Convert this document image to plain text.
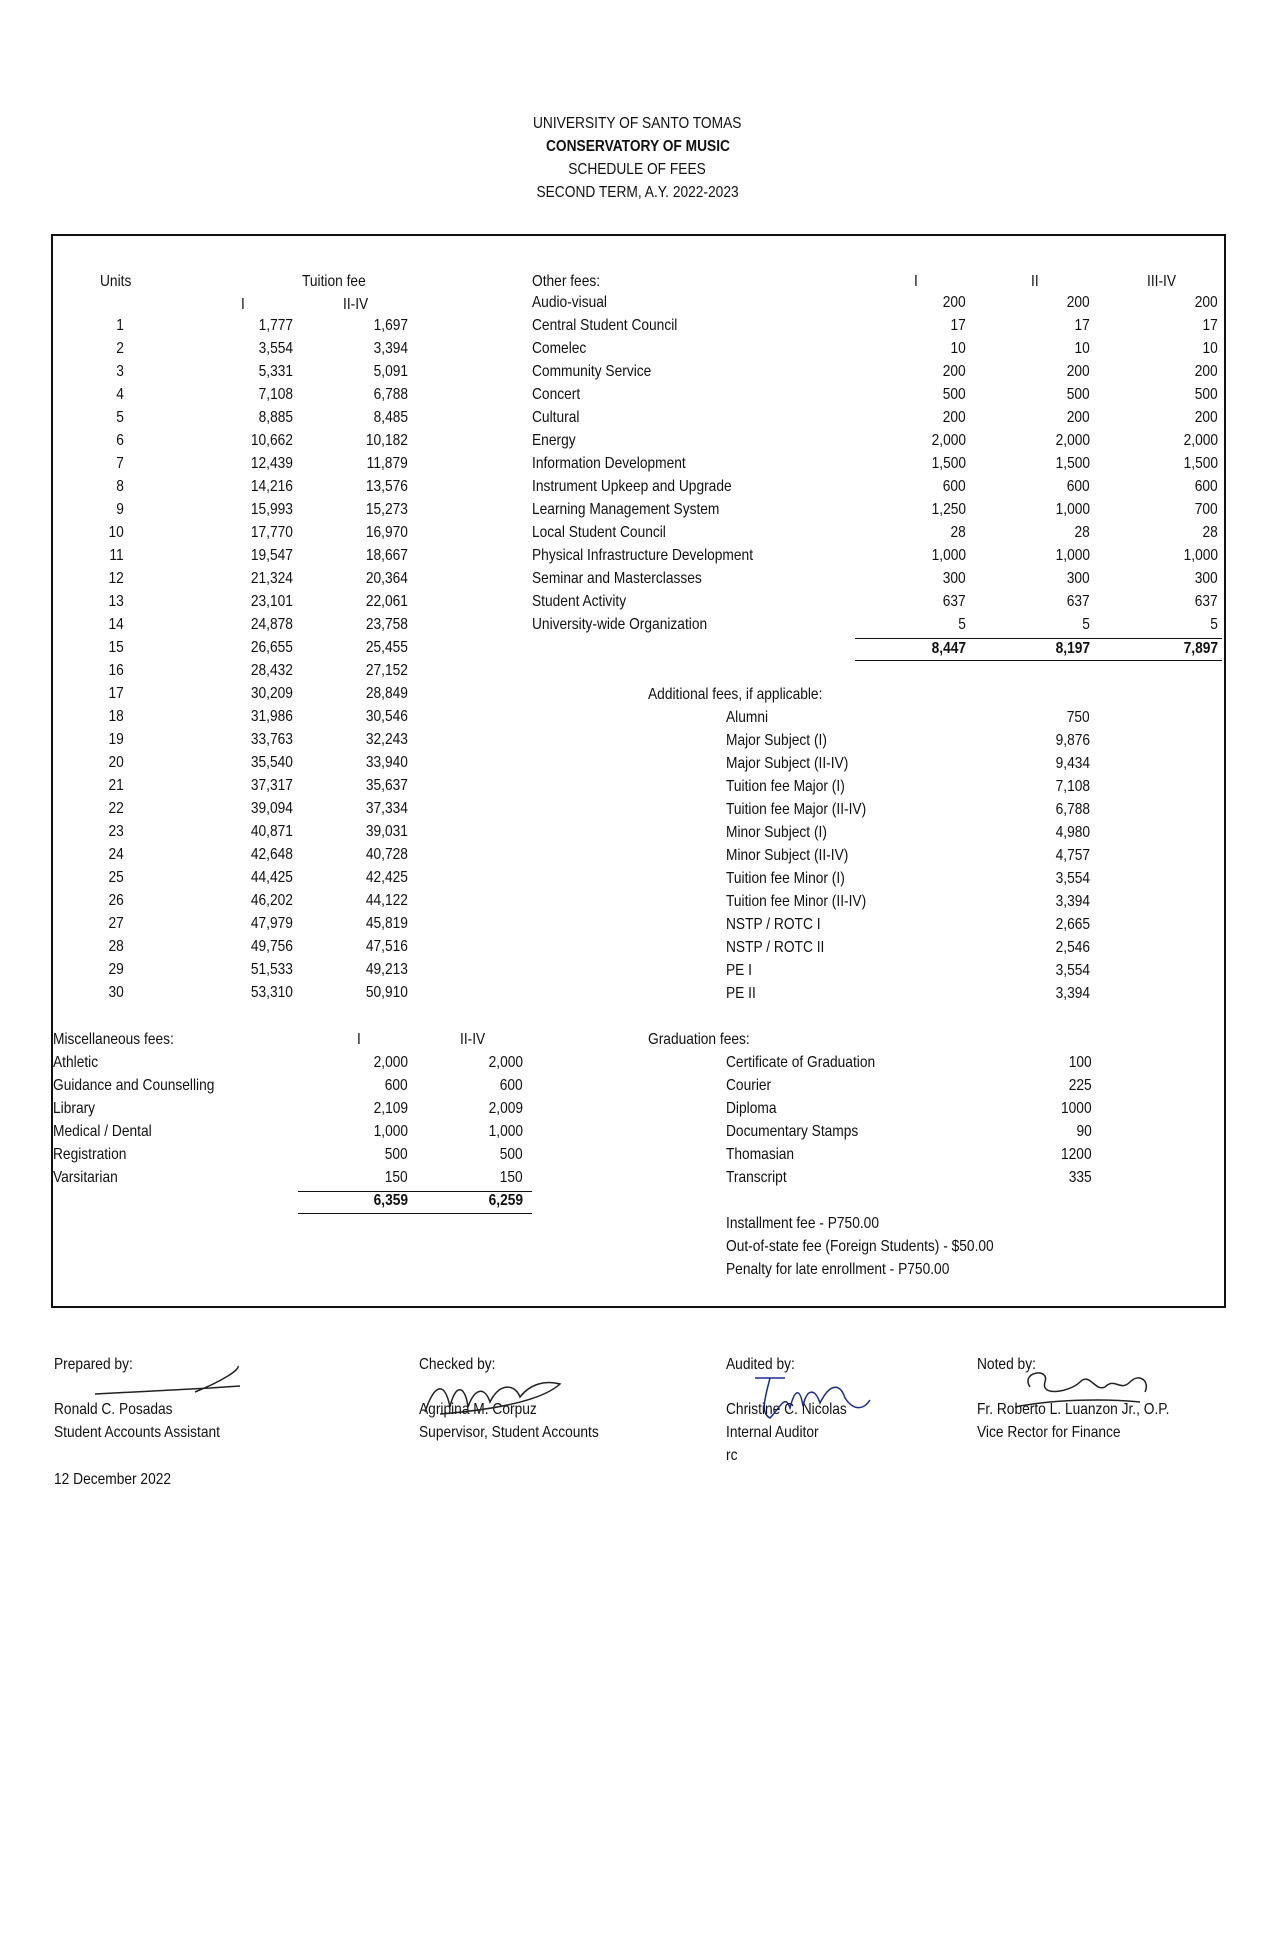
UNIVERSITY OF SANTO TOMAS
CONSERVATORY OF MUSIC
SCHEDULE OF FEES
SECOND TERM, A.Y. 2022-2023
Units	Tuition fee
I	II-IV
1	1,777	1,697
2	3,554	3,394
3	5,331	5,091
4	7,108	6,788
5	8,885	8,485
6	10,662	10,182
7	12,439	11,879
8	14,216	13,576
9	15,993	15,273
10	17,770	16,970
11	19,547	18,667
12	21,324	20,364
13	23,101	22,061
14	24,878	23,758
15	26,655	25,455
16	28,432	27,152
17	30,209	28,849
18	31,986	30,546
19	33,763	32,243
20	35,540	33,940
21	37,317	35,637
22	39,094	37,334
23	40,871	39,031
24	42,648	40,728
25	44,425	42,425
26	46,202	44,122
27	47,979	45,819
28	49,756	47,516
29	51,533	49,213
30	53,310	50,910
Other fees:	I	II	III-IV
Audio-visual	200	200	200
Central Student Council	17	17	17
Comelec	10	10	10
Community Service	200	200	200
Concert	500	500	500
Cultural	200	200	200
Energy	2,000	2,000	2,000
Information Development	1,500	1,500	1,500
Instrument Upkeep and Upgrade	600	600	600
Learning Management System	1,250	1,000	700
Local Student Council	28	28	28
Physical Infrastructure Development	1,000	1,000	1,000
Seminar and Masterclasses	300	300	300
Student Activity	637	637	637
University-wide Organization	5	5	5
8,447	8,197	7,897
Additional fees, if applicable:
Alumni	750
Major Subject (I)	9,876
Major Subject (II-IV)	9,434
Tuition fee Major (I)	7,108
Tuition fee Major (II-IV)	6,788
Minor Subject (I)	4,980
Minor Subject (II-IV)	4,757
Tuition fee Minor (I)	3,554
Tuition fee Minor (II-IV)	3,394
NSTP / ROTC I	2,665
NSTP / ROTC II	2,546
PE I	3,554
PE II	3,394
Miscellaneous fees:	I	II-IV
Athletic	2,000	2,000
Guidance and Counselling	600	600
Library	2,109	2,009
Medical / Dental	1,000	1,000
Registration	500	500
Varsitarian	150	150
6,359	6,259
Graduation fees:
Certificate of Graduation	100
Courier	225
Diploma	1000
Documentary Stamps	90
Thomasian	1200
Transcript	335
Installment fee - P750.00
Out-of-state fee (Foreign Students) - $50.00
Penalty for late enrollment - P750.00
Prepared by:
Ronald C. Posadas
Student Accounts Assistant
Checked by:
Agripina M. Corpuz
Supervisor, Student Accounts
Audited by:
Christine C. Nicolas
Internal Auditor
rc
Noted by:
Fr. Roberto L. Luanzon Jr., O.P.
Vice Rector for Finance
12 December 2022
